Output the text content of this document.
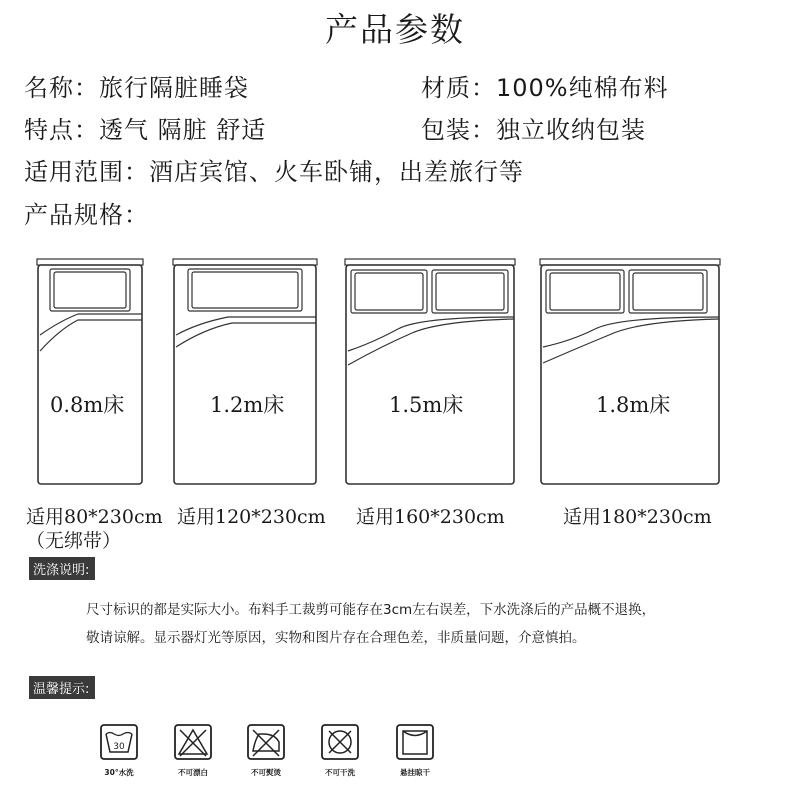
产品参数
名称：旅行隔脏睡袋	材质：100%纯棉布料
特点：透气 隔脏 舒适	包装：独立收纳包装
适用范围：酒店宾馆、火车卧铺，出差旅行等
产品规格：
0.8m床
适用80*230cm
（无绑带）
1.2m床
适用120*230cm
1.5m床
适用160*230cm
1.8m床
适用180*230cm
洗涤说明:
尺寸标识的都是实际大小。布料手工裁剪可能存在3cm左右误差，下水洗涤后的产品概不退换，
敬请谅解。显示器灯光等原因，实物和图片存在合理色差，非质量问题，介意慎拍。
温馨提示:
30
30°水洗	不可漂白	不可熨烫	不可干洗	悬挂晾干
